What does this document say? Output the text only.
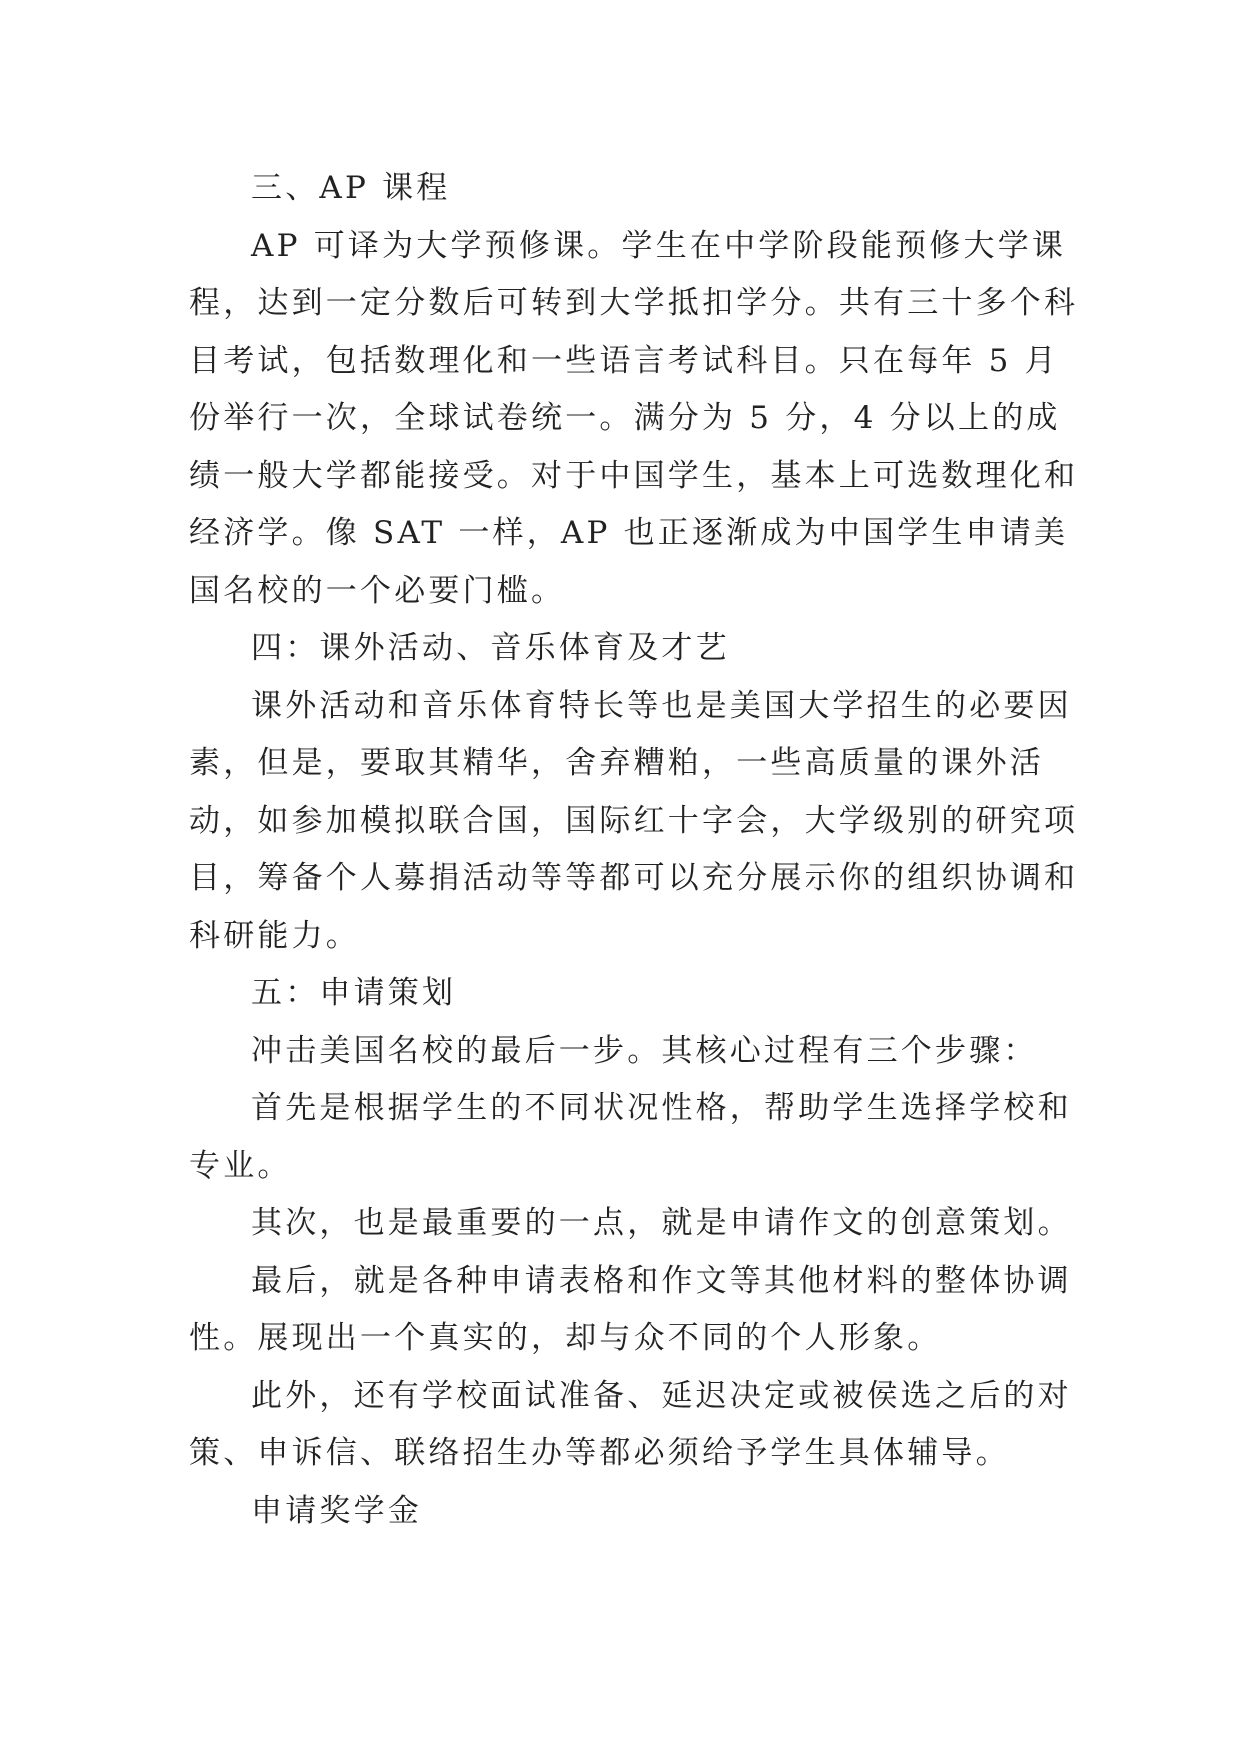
三、AP 课程

AP 可译为大学预修课。学生在中学阶段能预修大学课程，达到一定分数后可转到大学抵扣学分。共有三十多个科目考试，包括数理化和一些语言考试科目。只在每年 5 月份举行一次，全球试卷统一。满分为 5 分，4 分以上的成绩一般大学都能接受。对于中国学生，基本上可选数理化和经济学。像 SAT 一样，AP 也正逐渐成为中国学生申请美国名校的一个必要门槛。

四：课外活动、音乐体育及才艺

课外活动和音乐体育特长等也是美国大学招生的必要因素，但是，要取其精华，舍弃糟粕，一些高质量的课外活动，如参加模拟联合国，国际红十字会，大学级别的研究项目，筹备个人募捐活动等等都可以充分展示你的组织协调和科研能力。

五：申请策划

冲击美国名校的最后一步。其核心过程有三个步骤：

首先是根据学生的不同状况性格，帮助学生选择学校和专业。

其次，也是最重要的一点，就是申请作文的创意策划。

最后，就是各种申请表格和作文等其他材料的整体协调性。展现出一个真实的，却与众不同的个人形象。

此外，还有学校面试准备、延迟决定或被侯选之后的对策、申诉信、联络招生办等都必须给予学生具体辅导。

申请奖学金
